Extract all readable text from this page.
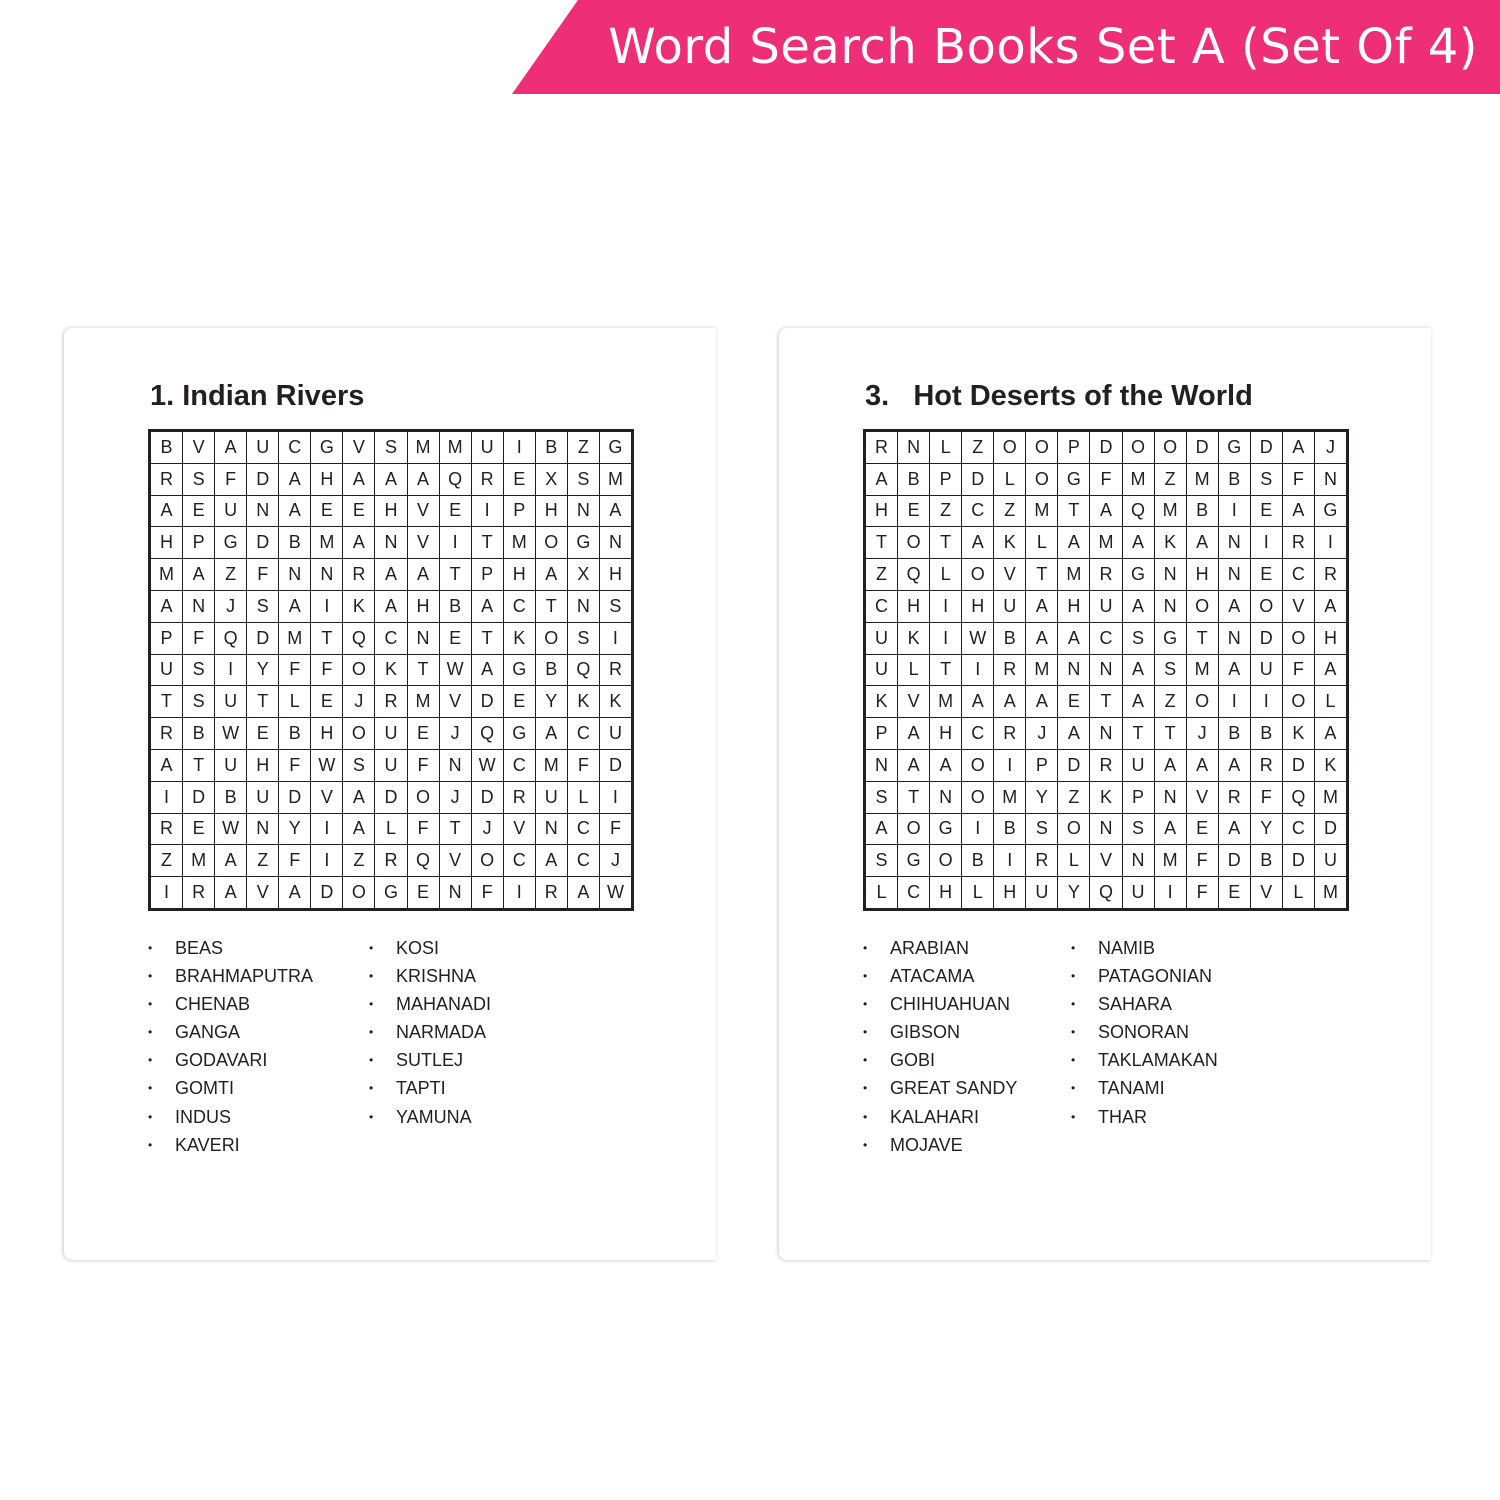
Word Search Books Set A (Set Of 4)
1. Indian Rivers
B	V	A	U	C	G	V	S	M	M	U	I	B	Z	G
R	S	F	D	A	H	A	A	A	Q	R	E	X	S	M
A	E	U	N	A	E	E	H	V	E	I	P	H	N	A
H	P	G	D	B	M	A	N	V	I	T	M	O	G	N
M	A	Z	F	N	N	R	A	A	T	P	H	A	X	H
A	N	J	S	A	I	K	A	H	B	A	C	T	N	S
P	F	Q	D	M	T	Q	C	N	E	T	K	O	S	I
U	S	I	Y	F	F	O	K	T	W	A	G	B	Q	R
T	S	U	T	L	E	J	R	M	V	D	E	Y	K	K
R	B	W	E	B	H	O	U	E	J	Q	G	A	C	U
A	T	U	H	F	W	S	U	F	N	W	C	M	F	D
I	D	B	U	D	V	A	D	O	J	D	R	U	L	I
R	E	W	N	Y	I	A	L	F	T	J	V	N	C	F
Z	M	A	Z	F	I	Z	R	Q	V	O	C	A	C	J
I	R	A	V	A	D	O	G	E	N	F	I	R	A	W
• BEAS
• BRAHMAPUTRA
• CHENAB
• GANGA
• GODAVARI
• GOMTI
• INDUS
• KAVERI
• KOSI
• KRISHNA
• MAHANADI
• NARMADA
• SUTLEJ
• TAPTI
• YAMUNA
3.   Hot Deserts of the World
R	N	L	Z	O	O	P	D	O	O	D	G	D	A	J
A	B	P	D	L	O	G	F	M	Z	M	B	S	F	N
H	E	Z	C	Z	M	T	A	Q	M	B	I	E	A	G
T	O	T	A	K	L	A	M	A	K	A	N	I	R	I
Z	Q	L	O	V	T	M	R	G	N	H	N	E	C	R
C	H	I	H	U	A	H	U	A	N	O	A	O	V	A
U	K	I	W	B	A	A	C	S	G	T	N	D	O	H
U	L	T	I	R	M	N	N	A	S	M	A	U	F	A
K	V	M	A	A	A	E	T	A	Z	O	I	I	O	L
P	A	H	C	R	J	A	N	T	T	J	B	B	K	A
N	A	A	O	I	P	D	R	U	A	A	A	R	D	K
S	T	N	O	M	Y	Z	K	P	N	V	R	F	Q	M
A	O	G	I	B	S	O	N	S	A	E	A	Y	C	D
S	G	O	B	I	R	L	V	N	M	F	D	B	D	U
L	C	H	L	H	U	Y	Q	U	I	F	E	V	L	M
• ARABIAN
• ATACAMA
• CHIHUAHUAN
• GIBSON
• GOBI
• GREAT SANDY
• KALAHARI
• MOJAVE
• NAMIB
• PATAGONIAN
• SAHARA
• SONORAN
• TAKLAMAKAN
• TANAMI
• THAR
